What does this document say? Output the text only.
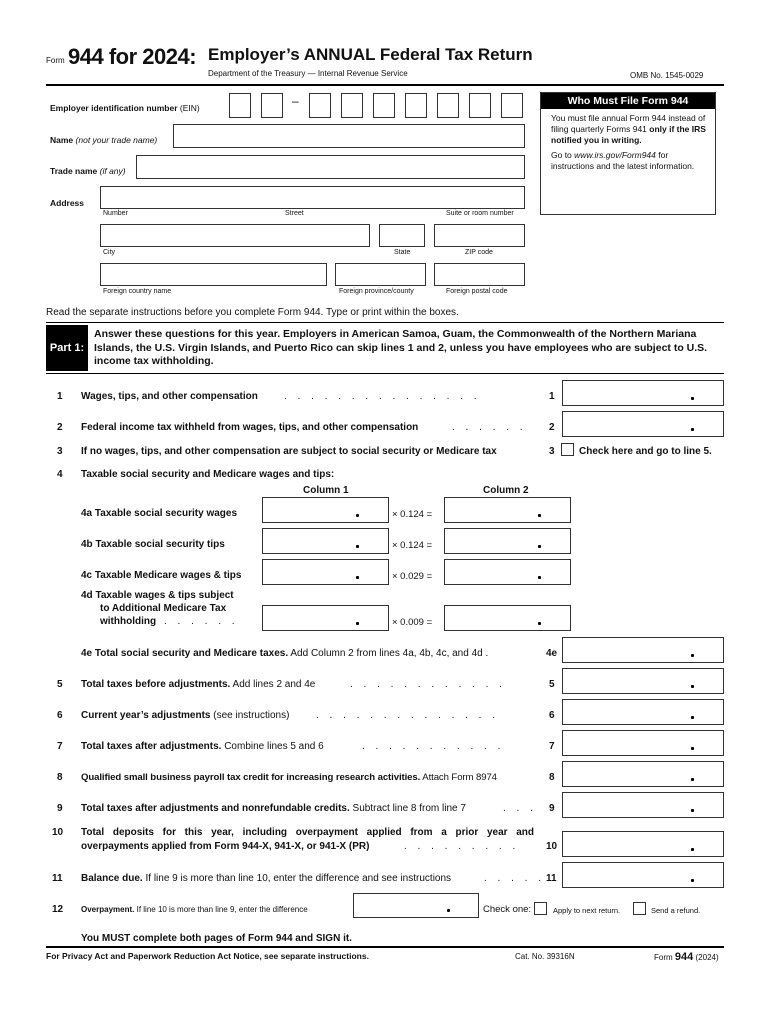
Form 944 for 2024: Employer’s ANNUAL Federal Tax Return
Department of the Treasury — Internal Revenue Service	OMB No. 1545-0029
Employer identification number (EIN)	–
Name (not your trade name)
Trade name (if any)
Address
Number	Street	Suite or room number
City	State	ZIP code
Foreign country name	Foreign province/county	Foreign postal code
Who Must File Form 944
You must file annual Form 944 instead of filing quarterly Forms 941 only if the IRS notified you in writing.
Go to www.irs.gov/Form944 for instructions and the latest information.
Read the separate instructions before you complete Form 944. Type or print within the boxes.
Part 1:
Answer these questions for this year. Employers in American Samoa, Guam, the Commonwealth of the Northern Mariana Islands, the U.S. Virgin Islands, and Puerto Rico can skip lines 1 and 2, unless you have employees who are subject to U.S. income tax withholding.
1 Wages, tips, and other compensation	. . . . . . . . . . . . . . .	1
2 Federal income tax withheld from wages, tips, and other compensation	. . . . . . 2
3 If no wages, tips, and other compensation are subject to social security or Medicare tax	3 Check here and go to line 5.
4 Taxable social security and Medicare wages and tips:
Column 1	Column 2
4a Taxable social security wages	× 0.124 =
4b Taxable social security tips	× 0.124 =
4c Taxable Medicare wages & tips	× 0.029 =
4d Taxable wages & tips subject
to Additional Medicare Tax
withholding . . . . . .	× 0.009 =
4e Total social security and Medicare taxes. Add Column 2 from lines 4a, 4b, 4c, and 4d .	4e
5 Total taxes before adjustments. Add lines 2 and 4e	. . . . . . . . . . . .	5
6 Current year’s adjustments (see instructions)	. . . . . . . . . . . . . .	6
7 Total taxes after adjustments. Combine lines 5 and 6	. . . . . . . . . . .	7
8 Qualified small business payroll tax credit for increasing research activities. Attach Form 8974	8
9 Total taxes after adjustments and nonrefundable credits. Subtract line 8 from line 7	. . . 9
10 Total deposits for this year, including overpayment applied from a prior year and
overpayments applied from Form 944-X, 941-X, or 941-X (PR)	. . . . . . . . .	10
11 Balance due. If line 9 is more than line 10, enter the difference and see instructions	. . . . . 11
12 Overpayment. If line 10 is more than line 9, enter the difference	Check one:	Apply to next return.	Send a refund.
You MUST complete both pages of Form 944 and SIGN it.
For Privacy Act and Paperwork Reduction Act Notice, see separate instructions.	Cat. No. 39316N	Form 944 (2024)
